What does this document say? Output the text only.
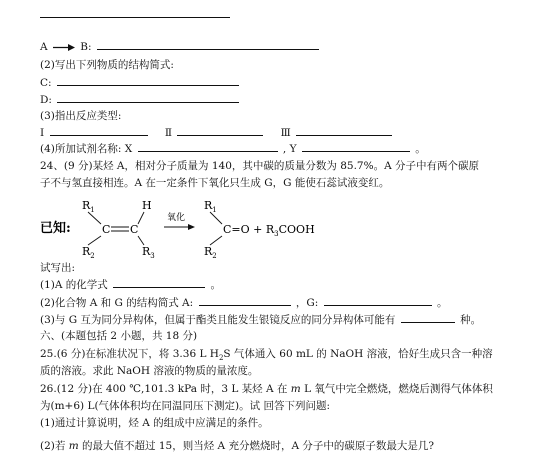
A	B:
(2)写出下列物质的结构简式:
C:
D:
(3)指出反应类型:
Ⅰ	Ⅱ	Ⅲ
(4)所加试剂名称: X	, Y	。
24、(9 分)某烃 A，相对分子质量为 140，其中碳的质量分数为 85.7%。A 分子中有两个碳原
子不与氢直接相连。A 在一定条件下氧化只生成 G，G 能使石蕊试液变红。
已知:
$R_1$
$R_2$
H
$R_3$
C C
氧化
$R_1$
$R_2$
$C=O + R_3COOH$
试写出:
(1)A 的化学式	。
(2)化合物 A 和 G 的结构简式 A:	，G:	。
(3)与 G 互为同分异构体，但属于酯类且能发生银镜反应的同分异构体可能有	种。
六、(本题包括 2 小题，共 18 分)
25.(6 分)在标准状况下，将 3.36 L $H_2S$ 气体通入 60 mL 的 NaOH 溶液，恰好生成只含一种溶
质的溶液。求此 NaOH 溶液的物质的量浓度。
26.(12 分)在 400 ℃,101.3 kPa 时，3 L 某烃 A 在 m L 氧气中完全燃烧，燃烧后测得气体体积
为(m+6) L(气体体积均在同温同压下测定)。试 回答下列问题:
(1)通过计算说明，烃 A 的组成中应满足的条件。
(2)若 m 的最大值不超过 15，则当烃 A 充分燃烧时，A 分子中的碳原子数最大是几?
